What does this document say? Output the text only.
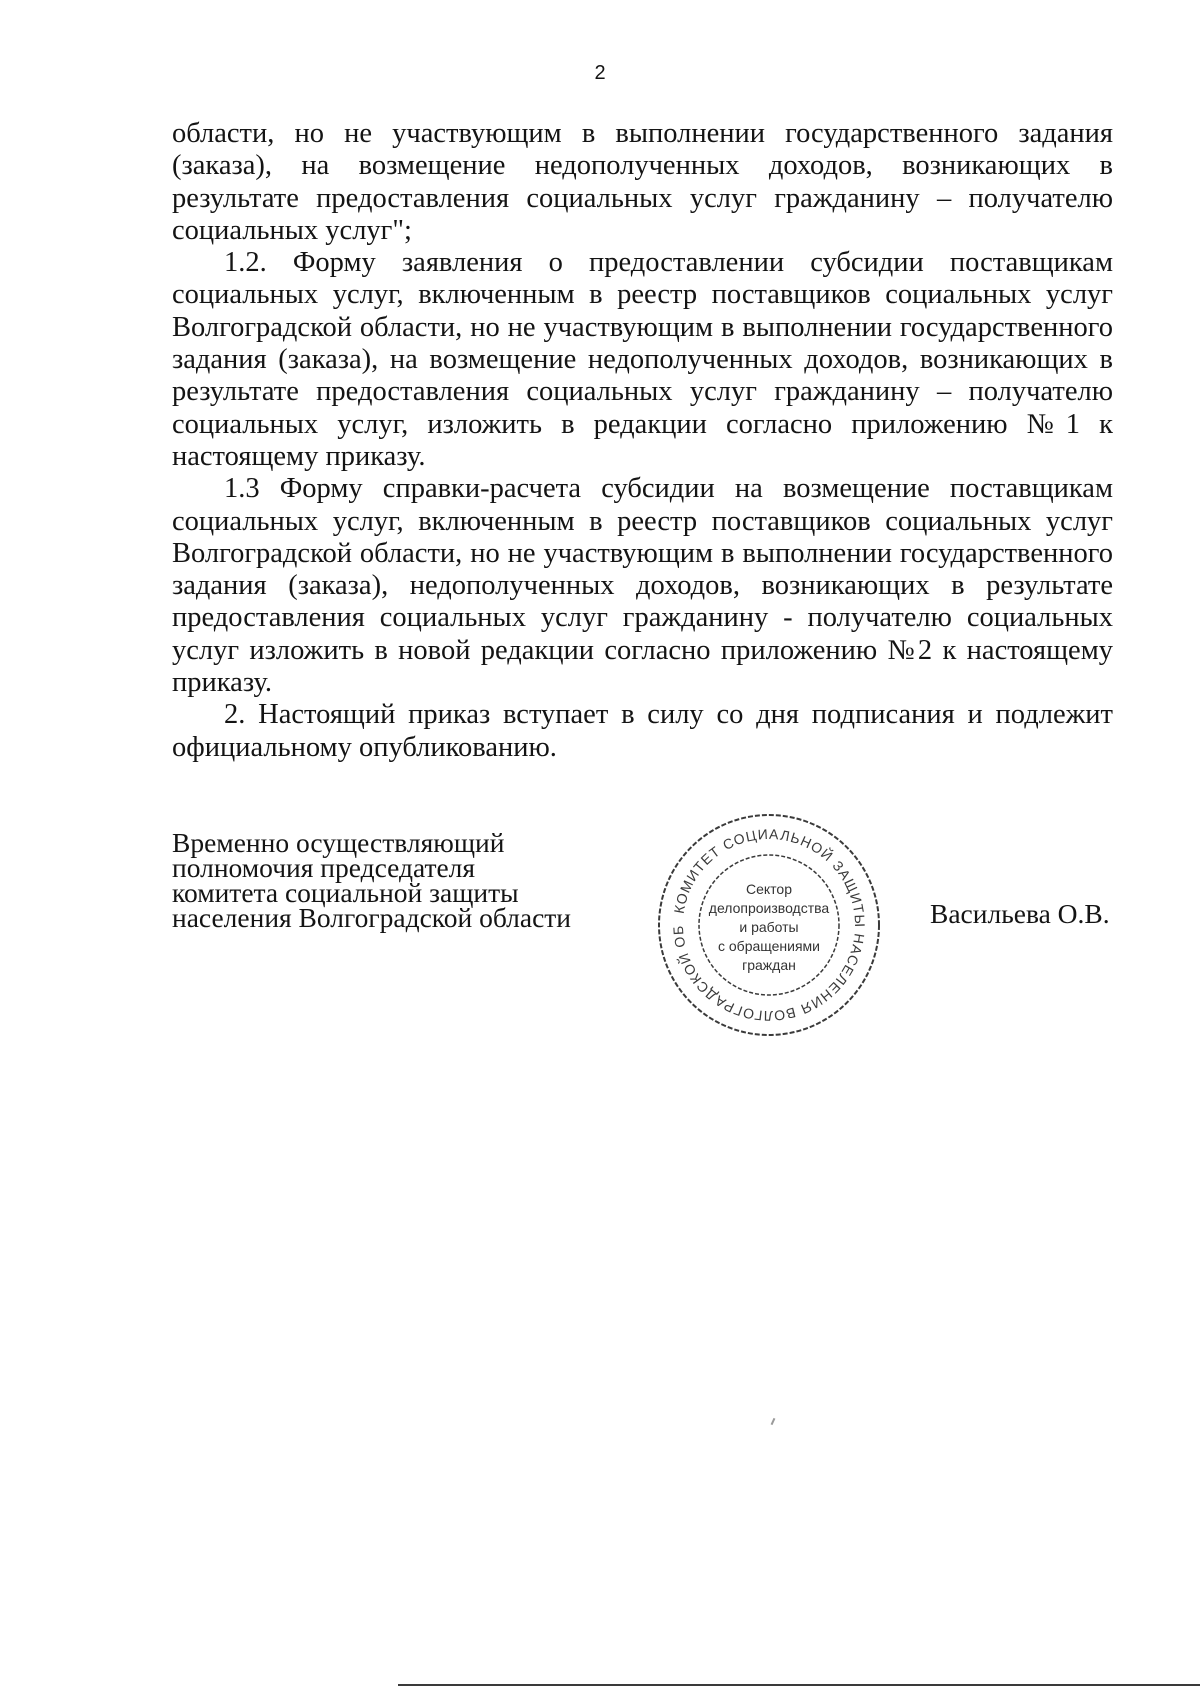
2

области, но не участвующим в выполнении государственного задания (заказа), на возмещение недополученных доходов, возникающих в результате предоставления социальных услуг гражданину – получателю социальных услуг";

1.2. Форму заявления о предоставлении субсидии поставщикам социальных услуг, включенным в реестр поставщиков социальных услуг Волгоградской области, но не участвующим в выполнении государственного задания (заказа), на возмещение недополученных доходов, возникающих в результате предоставления социальных услуг гражданину – получателю социальных услуг, изложить в редакции согласно приложению №1 к настоящему приказу.

1.3 Форму справки-расчета субсидии на возмещение поставщикам социальных услуг, включенным в реестр поставщиков социальных услуг Волгоградской области, но не участвующим в выполнении государственного задания (заказа), недополученных доходов, возникающих в результате предоставления социальных услуг гражданину - получателю социальных услуг изложить в новой редакции согласно приложению №2 к настоящему приказу.

2. Настоящий приказ вступает в силу со дня подписания и подлежит официальному опубликованию.

Временно осуществляющий
полномочия председателя
комитета социальной защиты
населения Волгоградской области	КОМИТЕТ СОЦИАЛЬНОЙ ЗАЩИТЫ НАСЕЛЕНИЯ ВОЛГОГРАДСКОЙ ОБ
Сектор
делопроизводства
и работы
с обращениями
граждан
Васильева О.В.
